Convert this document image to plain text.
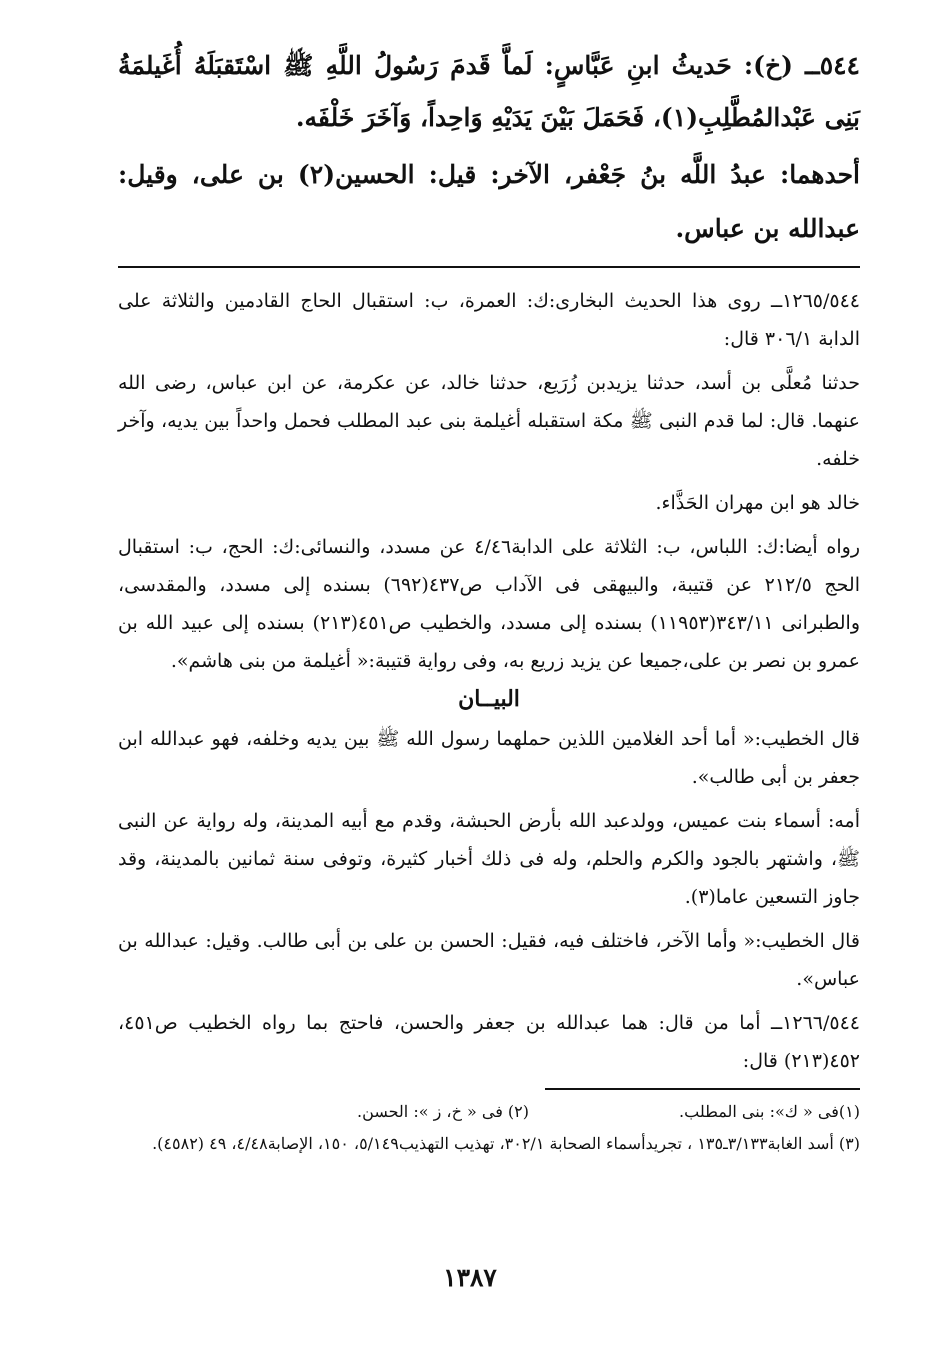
٥٤٤ــ (خ): حَديثُ ابنِ عَبَّاسٍ: لَماَّ قَدمَ رَسُولُ اللَّهِ ﷺ اسْتَقبَلَهُ أُغَيلمَةُ بَنِى عَبْدالمُطَّلِبِ(١)، فَحَمَلَ بَيْنَ يَدَيْهِ وَاحِداً، وَآخَرَ خَلْفَه.

أحدهما: عبدُ اللَّه بنُ جَعْفر، الآخر: قيل: الحسين(٢) بن على، وقيل: عبدالله بن عباس.

١٢٦٥/٥٤٤ــ روى هذا الحديث البخارى:ك: العمرة، ب: استقبال الحاج القادمين والثلاثة على الدابة ٣٠٦/١ قال:

حدثنا مُعلَّى بن أسد، حدثنا يزيدبن زُرَيع، حدثنا خالد، عن عكرمة، عن ابن عباس، رضى الله عنهما. قال: لما قدم النبى ﷺ مكة استقبله أغيلمة بنى عبد المطلب فحمل واحداً بين يديه، وآخر خلفه.

خالد هو ابن مهران الحَذَّاء.

رواه أيضا:ك: اللباس، ب: الثلاثة على الدابة٤/٤٦ عن مسدد، والنسائى:ك: الحج، ب: استقبال الحج ٢١٢/٥ عن قتيبة، والبيهقى فى الآداب ص٤٣٧(٦٩٢) بسنده إلى مسدد، والمقدسى، والطبرانى ٣٤٣/١١(١١٩٥٣) بسنده إلى مسدد، والخطيب ص٤٥١(٢١٣) بسنده إلى عبيد الله بن عمرو بن نصر بن على،جميعا عن يزيد زريع به، وفى رواية قتيبة:« أغيلمة من بنى هاشم».

البيــان

قال الخطيب:« أما أحد الغلامين اللذين حملهما رسول الله ﷺ بين يديه وخلفه، فهو عبدالله ابن جعفر بن أبى طالب».

أمه: أسماء بنت عميس، وولدعبد الله بأرض الحبشة، وقدم مع أبيه المدينة، وله رواية عن النبى ﷺ، واشتهر بالجود والكرم والحلم، وله فى ذلك أخبار كثيرة، وتوفى سنة ثمانين بالمدينة، وقد جاوز التسعين عاما(٣).

قال الخطيب:« وأما الآخر، فاختلف فيه، فقيل: الحسن بن على بن أبى طالب. وقيل: عبدالله بن عباس».

١٢٦٦/٥٤٤ــ أما من قال: هما عبدالله بن جعفر والحسن، فاحتج بما رواه الخطيب ص٤٥١، ٤٥٢(٢١٣) قال:

(١)فى « ك»: بنى المطلب.
(٢) فى « خ، ز »: الحسن.

(٣) أسد الغابة٣/١٣٣ـ١٣٥ ، تجريدأسماء الصحابة ٣٠٢/١، تهذيب التهذيب٥/١٤٩، ١٥٠، الإصابة٤/٤٨، ٤٩ (٤٥٨٢).

١٣٨٧
